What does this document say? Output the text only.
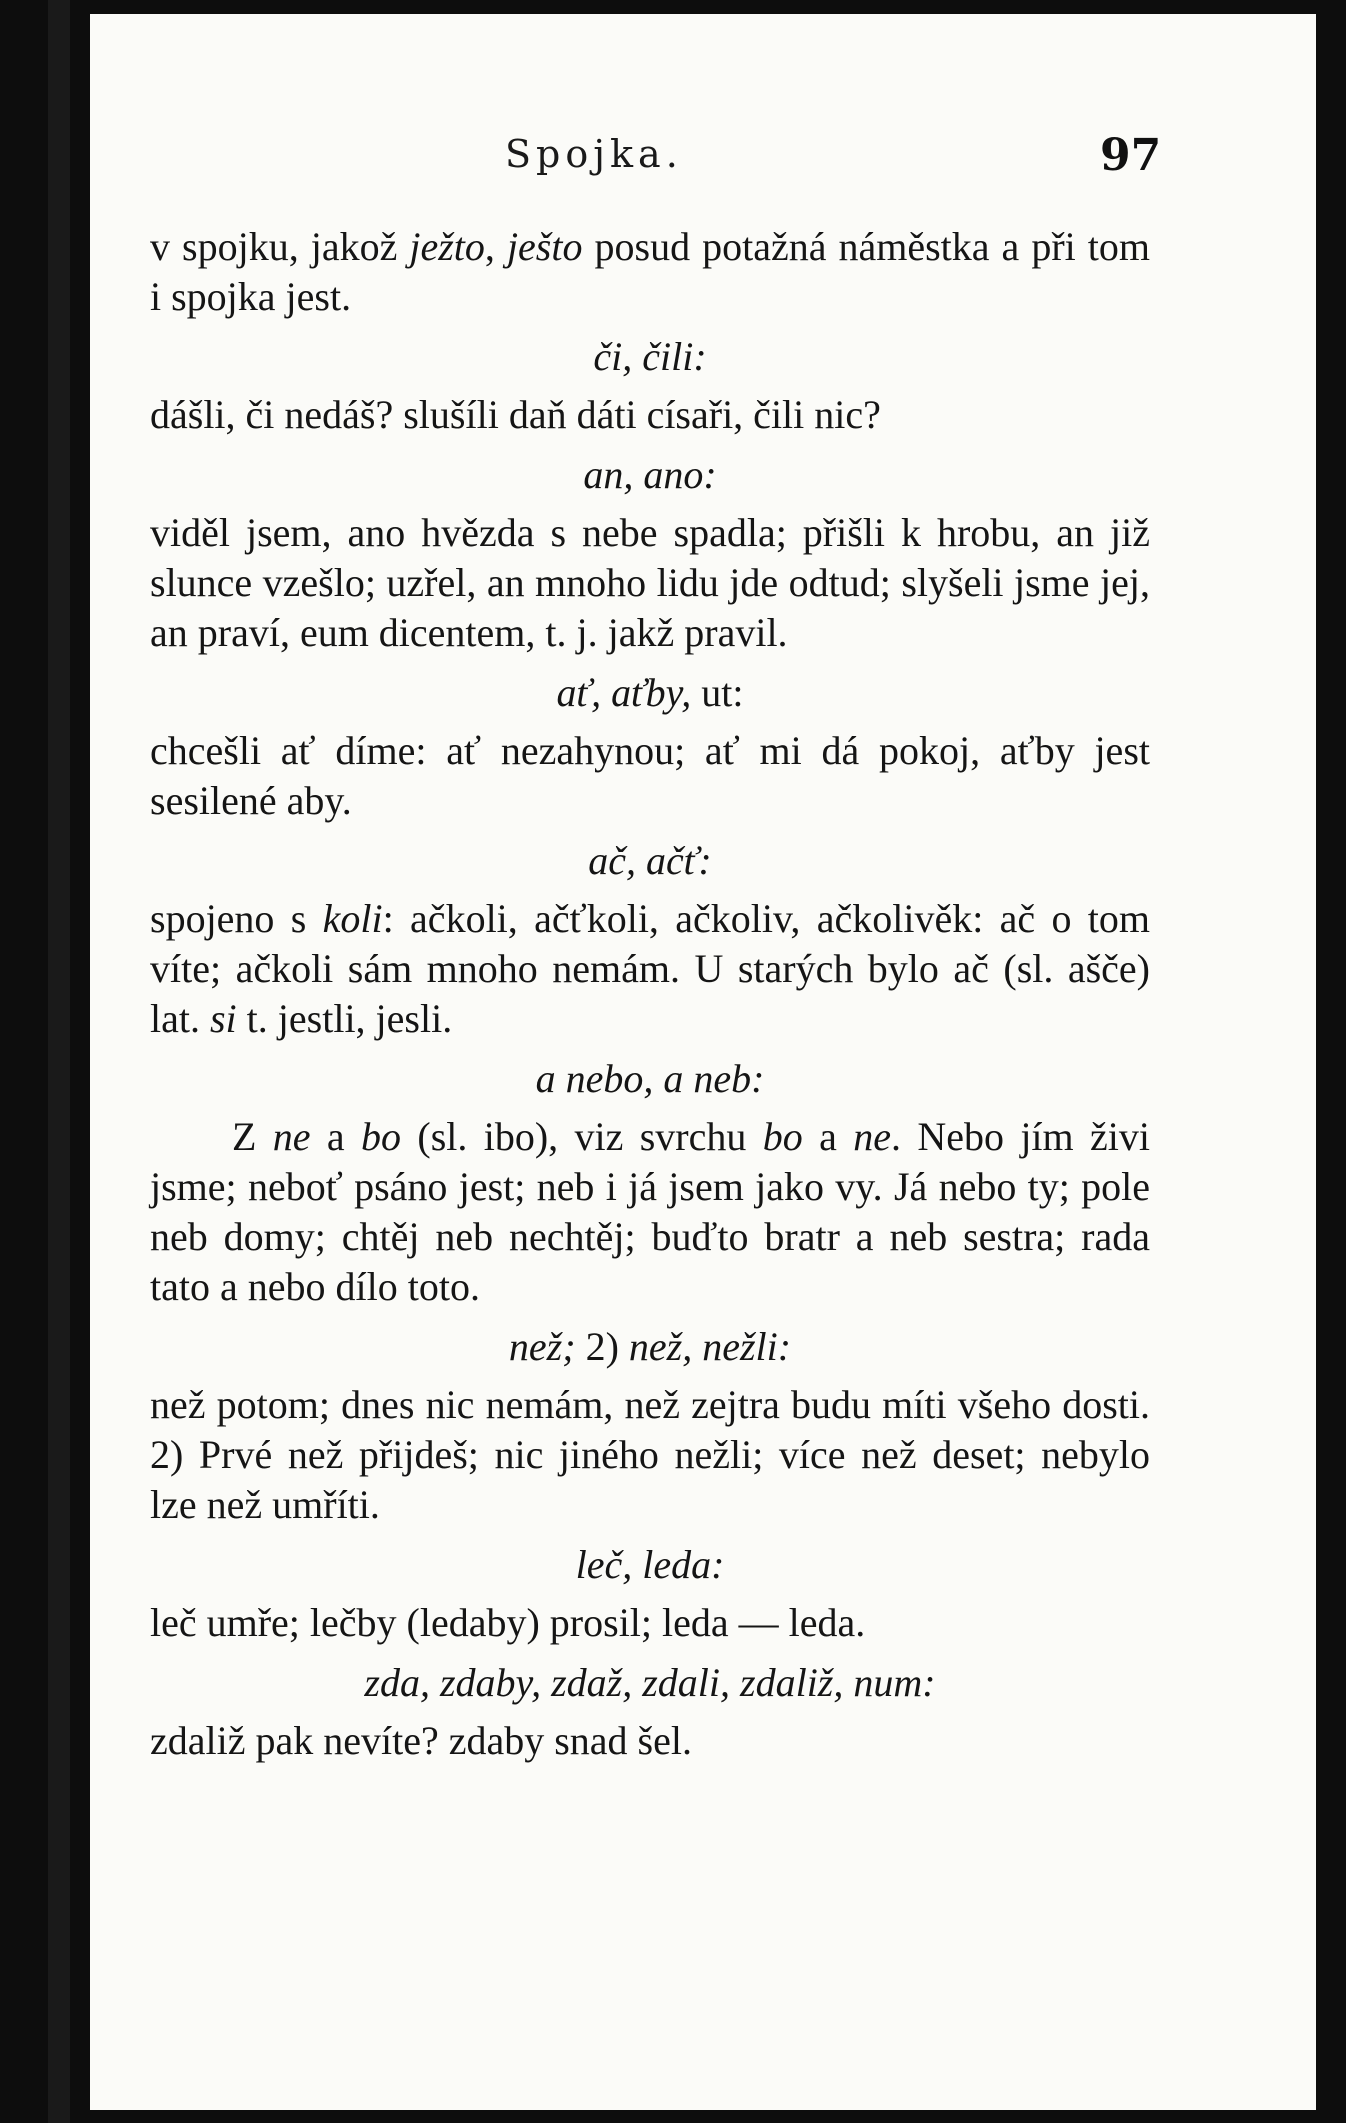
Spojka.	97

v spojku, jakož ježto, ješto posud potažná náměstka a při tom i spojka jest.

či, čili:

dášli, či nedáš? slušíli daň dáti císaři, čili nic?

an, ano:

viděl jsem, ano hvězda s nebe spadla; přišli k hrobu, an již slunce vzešlo; uzřel, an mnoho lidu jde odtud; slyšeli jsme jej, an praví, eum dicentem, t. j. jakž pravil.

ať, aťby, ut:

chcešli ať díme: ať nezahynou; ať mi dá pokoj, aťby jest sesilené aby.

ač, ačť:

spojeno s koli: ačkoli, ačťkoli, ačkoliv, ačkolivěk: ač o tom víte; ačkoli sám mnoho nemám. U starých bylo ač (sl. ašče) lat. si t. jestli, jesli.

a nebo, a neb:

Z ne a bo (sl. ibo), viz svrchu bo a ne. Nebo jím živi jsme; neboť psáno jest; neb i já jsem jako vy. Já nebo ty; pole neb domy; chtěj neb nechtěj; buďto bratr a neb sestra; rada tato a nebo dílo toto.

než; 2) než, nežli:

než potom; dnes nic nemám, než zejtra budu míti všeho dosti. 2) Prvé než přijdeš; nic jiného nežli; více než deset; nebylo lze než umříti.

leč, leda:

leč umře; lečby (ledaby) prosil; leda — leda.

zda, zdaby, zdaž, zdali, zdaliž, num:

zdaliž pak nevíte? zdaby snad šel.
